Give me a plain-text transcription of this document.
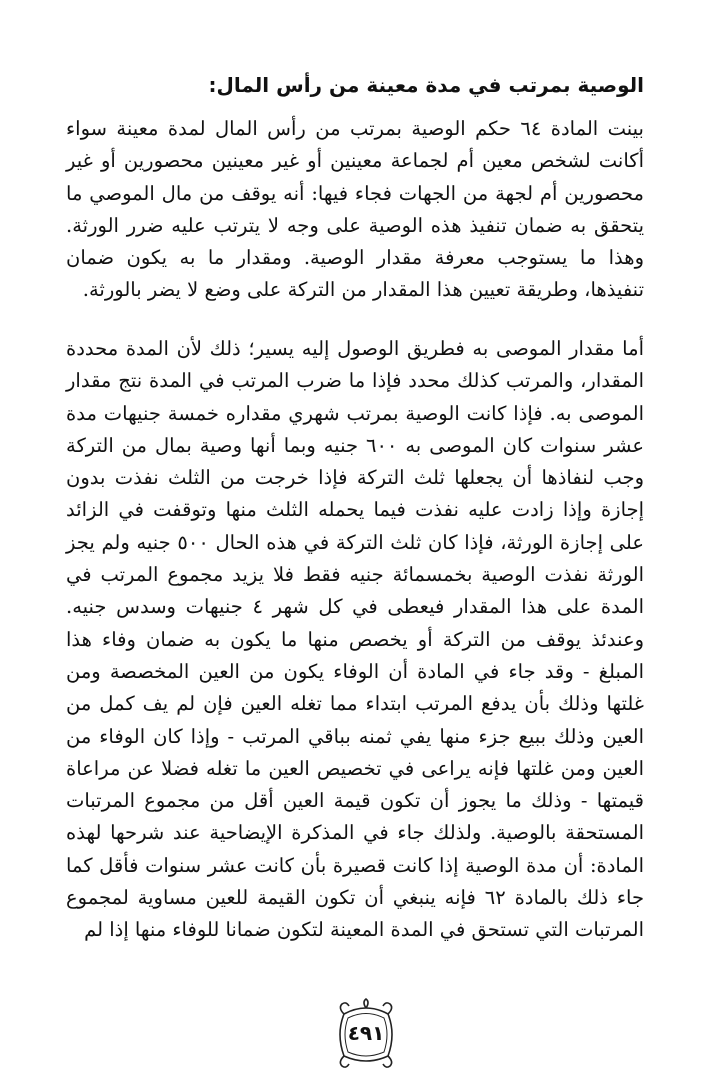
الوصية بمرتب في مدة معينة من رأس المال:

بينت المادة ٦٤ حكم الوصية بمرتب من رأس المال لمدة معينة سواء أكانت لشخص معين أم لجماعة معينين أو غير معينين محصورين أو غير محصورين أم لجهة من الجهات فجاء فيها: أنه يوقف من مال الموصي ما يتحقق به ضمان تنفيذ هذه الوصية على وجه لا يترتب عليه ضرر الورثة. وهذا ما يستوجب معرفة مقدار الوصية. ومقدار ما به يكون ضمان تنفيذها، وطريقة تعيين هذا المقدار من التركة على وضع لا يضر بالورثة.

أما مقدار الموصى به فطريق الوصول إليه يسير؛ ذلك لأن المدة محددة المقدار، والمرتب كذلك محدد فإذا ما ضرب المرتب في المدة نتج مقدار الموصى به. فإذا كانت الوصية بمرتب شهري مقداره خمسة جنيهات مدة عشر سنوات كان الموصى به ٦٠٠ جنيه وبما أنها وصية بمال من التركة وجب لنفاذها أن يجعلها ثلث التركة فإذا خرجت من الثلث نفذت بدون إجازة وإذا زادت عليه نفذت فيما يحمله الثلث منها وتوقفت في الزائد على إجازة الورثة، فإذا كان ثلث التركة في هذه الحال ٥٠٠ جنيه ولم يجز الورثة نفذت الوصية بخمسمائة جنيه فقط فلا يزيد مجموع المرتب في المدة على هذا المقدار فيعطى في كل شهر ٤ جنيهات وسدس جنيه. وعندئذ يوقف من التركة أو يخصص منها ما يكون به ضمان وفاء هذا المبلغ - وقد جاء في المادة أن الوفاء يكون من العين المخصصة ومن غلتها وذلك بأن يدفع المرتب ابتداء مما تغله العين فإن لم يف كمل من العين وذلك ببيع جزء منها يفي ثمنه بباقي المرتب - وإذا كان الوفاء من العين ومن غلتها فإنه يراعى في تخصيص العين ما تغله فضلا عن مراعاة قيمتها - وذلك ما يجوز أن تكون قيمة العين أقل من مجموع المرتبات المستحقة بالوصية. ولذلك جاء في المذكرة الإيضاحية عند شرحها لهذه المادة: أن مدة الوصية إذا كانت قصيرة بأن كانت عشر سنوات فأقل كما جاء ذلك بالمادة ٦٢ فإنه ينبغي أن تكون القيمة للعين مساوية لمجموع المرتبات التي تستحق في المدة المعينة لتكون ضمانا للوفاء منها إذا لم

٤٩١
